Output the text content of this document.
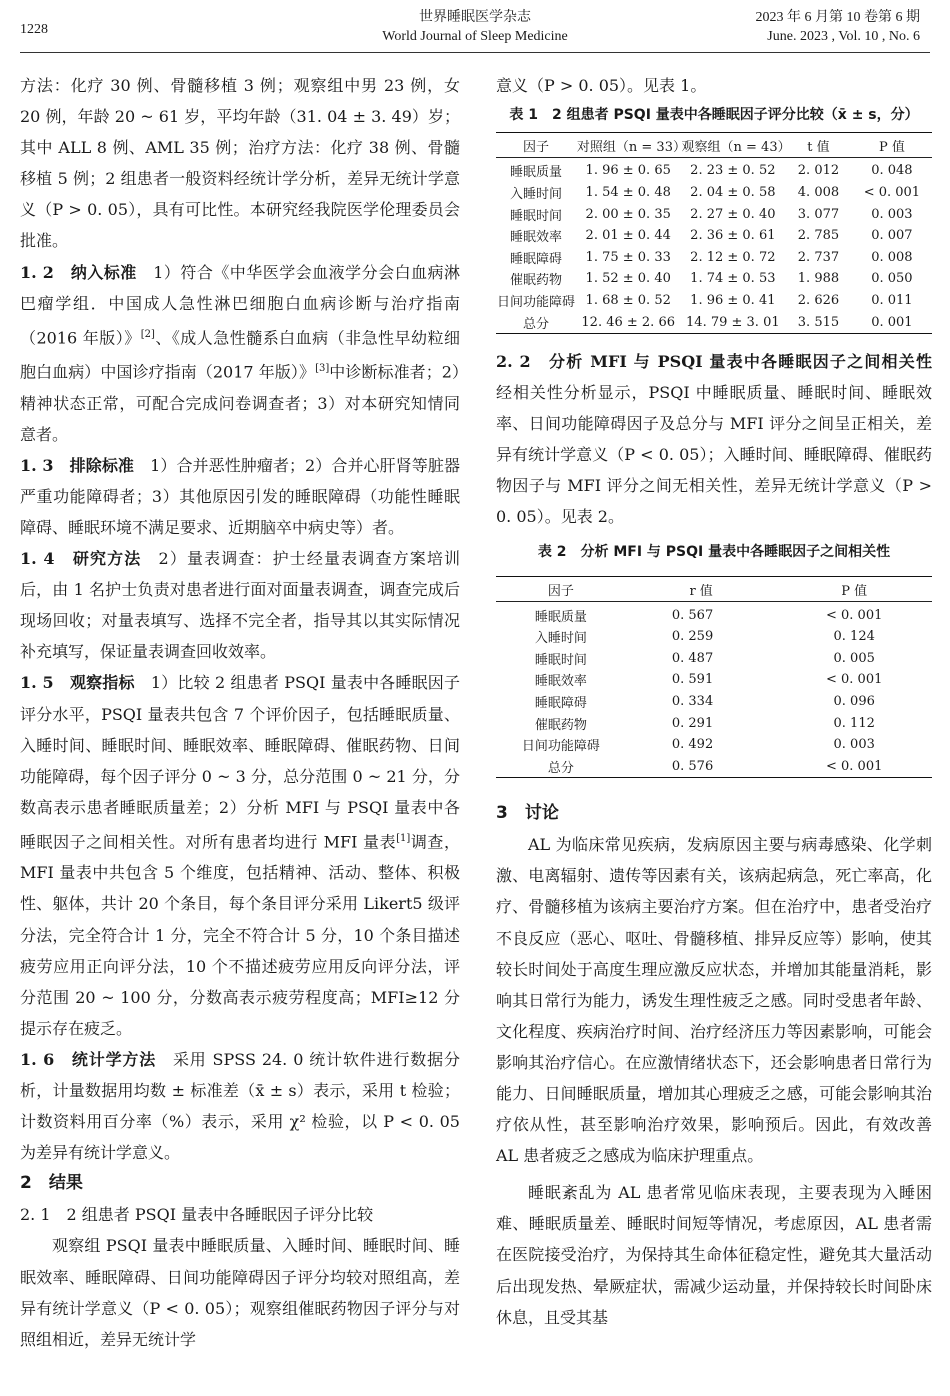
1228
世界睡眠医学杂志
World Journal of Sleep Medicine
2023 年 6 月第 10 卷第 6 期
June. 2023 , Vol. 10 , No. 6

方法：化疗 30 例、骨髓移植 3 例；观察组中男 23 例，女 20 例，年龄 20 ~ 61 岁，平均年龄（31. 04 ± 3. 49）岁；其中 ALL 8 例、AML 35 例；治疗方法：化疗 38 例、骨髓移植 5 例；2 组患者一般资料经统计学分析，差异无统计学意义（P > 0. 05），具有可比性。本研究经我院医学伦理委员会批准。

1. 2　纳入标准　1）符合《中华医学会血液学分会白血病淋巴瘤学组．中国成人急性淋巴细胞白血病诊断与治疗指南（2016 年版）》[2]、《成人急性髓系白血病（非急性早幼粒细胞白血病）中国诊疗指南（2017 年版）》[3]中诊断标准者；2）精神状态正常，可配合完成问卷调查者；3）对本研究知情同意者。

1. 3　排除标准　1）合并恶性肿瘤者；2）合并心肝肾等脏器严重功能障碍者；3）其他原因引发的睡眠障碍（功能性睡眠障碍、睡眠环境不满足要求、近期脑卒中病史等）者。

1. 4　研究方法　2）量表调查：护士经量表调查方案培训后，由 1 名护士负责对患者进行面对面量表调查，调查完成后现场回收；对量表填写、选择不完全者，指导其以其实际情况补充填写，保证量表调查回收效率。

1. 5　观察指标　1）比较 2 组患者 PSQI 量表中各睡眠因子评分水平，PSQI 量表共包含 7 个评价因子，包括睡眠质量、入睡时间、睡眠时间、睡眠效率、睡眠障碍、催眠药物、日间功能障碍，每个因子评分 0 ~ 3 分，总分范围 0 ~ 21 分，分数高表示患者睡眠质量差；2）分析 MFI 与 PSQI 量表中各睡眠因子之间相关性。对所有患者均进行 MFI 量表[1]调查，MFI 量表中共包含 5 个维度，包括精神、活动、整体、积极性、躯体，共计 20 个条目，每个条目评分采用 Likert5 级评分法，完全符合计 1 分，完全不符合计 5 分，10 个条目描述疲劳应用正向评分法，10 个不描述疲劳应用反向评分法，评分范围 20 ~ 100 分，分数高表示疲劳程度高；MFI≥12 分提示存在疲乏。

1. 6　统计学方法　采用 SPSS 24. 0 统计软件进行数据分析，计量数据用均数 ± 标准差（x̄ ± s）表示，采用 t 检验；计数资料用百分率（%）表示，采用 χ² 检验，以 P < 0. 05 为差异有统计学意义。

2　结果

2. 1　2 组患者 PSQI 量表中各睡眠因子评分比较

观察组 PSQI 量表中睡眠质量、入睡时间、睡眠时间、睡眠效率、睡眠障碍、日间功能障碍因子评分均较对照组高，差异有统计学意义（P < 0. 05）；观察组催眠药物因子评分与对照组相近，差异无统计学

意义（P > 0. 05）。见表 1。

表 1　2 组患者 PSQI 量表中各睡眠因子评分比较（x̄ ± s，分）
因子	对照组（n = 33）	观察组（n = 43）	t 值	P 值
睡眠质量	1. 96 ± 0. 65	2. 23 ± 0. 52	2. 012	0. 048
入睡时间	1. 54 ± 0. 48	2. 04 ± 0. 58	4. 008	< 0. 001
睡眠时间	2. 00 ± 0. 35	2. 27 ± 0. 40	3. 077	0. 003
睡眠效率	2. 01 ± 0. 44	2. 36 ± 0. 61	2. 785	0. 007
睡眠障碍	1. 75 ± 0. 33	2. 12 ± 0. 72	2. 737	0. 008
催眠药物	1. 52 ± 0. 40	1. 74 ± 0. 53	1. 988	0. 050
日间功能障碍	1. 68 ± 0. 52	1. 96 ± 0. 41	2. 626	0. 011
总分	12. 46 ± 2. 66	14. 79 ± 3. 01	3. 515	0. 001

2. 2　分析 MFI 与 PSQI 量表中各睡眠因子之间相关性　经相关性分析显示，PSQI 中睡眠质量、睡眠时间、睡眠效率、日间功能障碍因子及总分与 MFI 评分之间呈正相关，差异有统计学意义（P < 0. 05）；入睡时间、睡眠障碍、催眠药物因子与 MFI 评分之间无相关性，差异无统计学意义（P > 0. 05）。见表 2。

表 2　分析 MFI 与 PSQI 量表中各睡眠因子之间相关性
因子	r 值	P 值
睡眠质量	0. 567	< 0. 001
入睡时间	0. 259	0. 124
睡眠时间	0. 487	0. 005
睡眠效率	0. 591	< 0. 001
睡眠障碍	0. 334	0. 096
催眠药物	0. 291	0. 112
日间功能障碍	0. 492	0. 003
总分	0. 576	< 0. 001
3　讨论

AL 为临床常见疾病，发病原因主要与病毒感染、化学刺激、电离辐射、遗传等因素有关，该病起病急，死亡率高，化疗、骨髓移植为该病主要治疗方案。但在治疗中，患者受治疗不良反应（恶心、呕吐、骨髓移植、排异反应等）影响，使其较长时间处于高度生理应激反应状态，并增加其能量消耗，影响其日常行为能力，诱发生理性疲乏之感。同时受患者年龄、文化程度、疾病治疗时间、治疗经济压力等因素影响，可能会影响其治疗信心。在应激情绪状态下，还会影响患者日常行为能力、日间睡眠质量，增加其心理疲乏之感，可能会影响其治疗依从性，甚至影响治疗效果，影响预后。因此，有效改善 AL 患者疲乏之感成为临床护理重点。

睡眠紊乱为 AL 患者常见临床表现，主要表现为入睡困难、睡眠质量差、睡眠时间短等情况，考虑原因，AL 患者需在医院接受治疗，为保持其生命体征稳定性，避免其大量活动后出现发热、晕厥症状，需减少运动量，并保持较长时间卧床休息，且受其基
